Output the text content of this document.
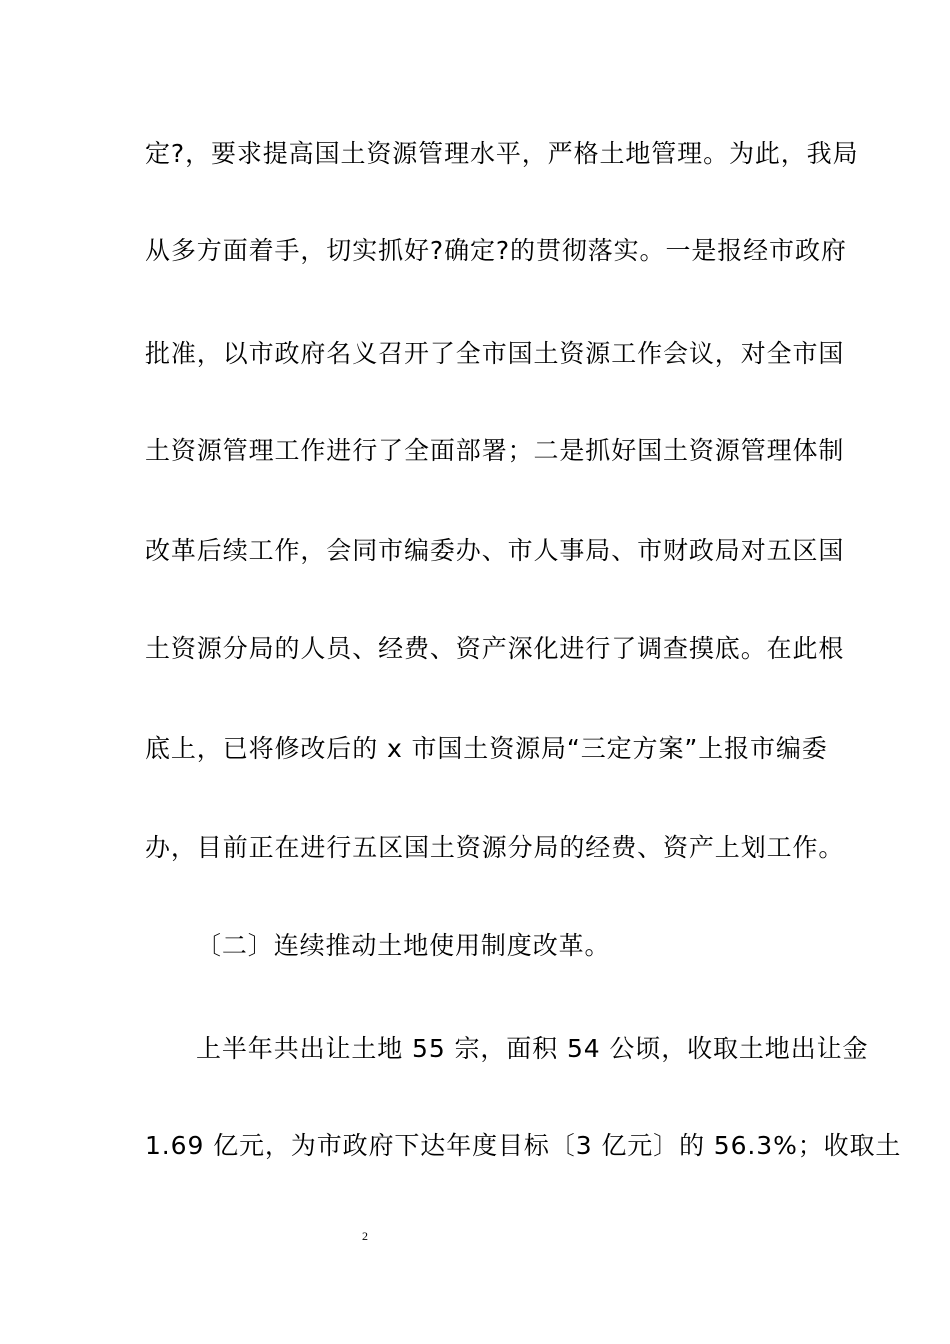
定?，要求提高国土资源管理水平，严格土地管理。为此，我局
从多方面着手，切实抓好?确定?的贯彻落实。一是报经市政府
批准，以市政府名义召开了全市国土资源工作会议，对全市国
土资源管理工作进行了全面部署；二是抓好国土资源管理体制
改革后续工作，会同市编委办、市人事局、市财政局对五区国
土资源分局的人员、经费、资产深化进行了调查摸底。在此根
底上，已将修改后的 x 市国土资源局“三定方案”上报市编委
办，目前正在进行五区国土资源分局的经费、资产上划工作。
〔二〕连续推动土地使用制度改革。
上半年共出让土地 55 宗，面积 54 公顷，收取土地出让金
1.69 亿元，为市政府下达年度目标〔3 亿元〕的 56.3%；收取土
2
